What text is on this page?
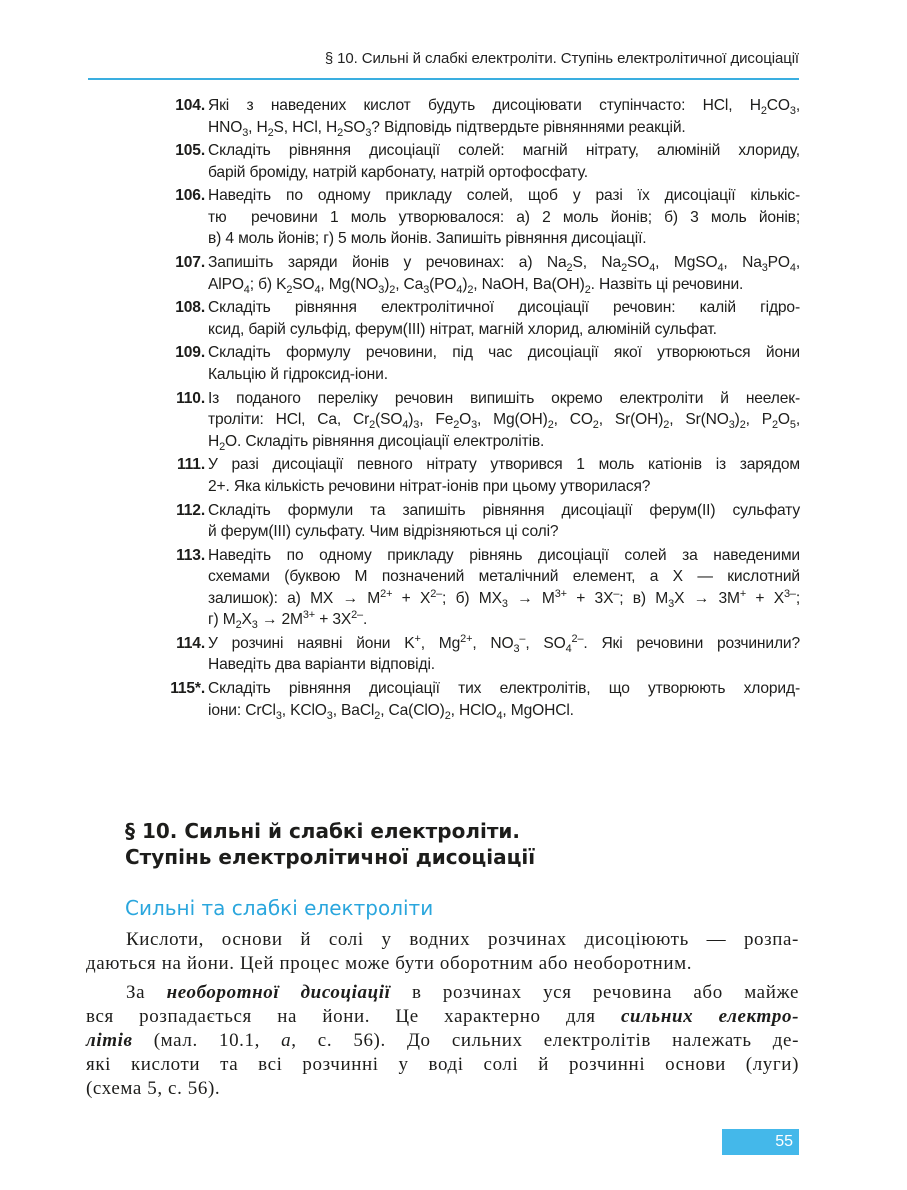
§ 10. Сильні й слабкі електроліти. Ступінь електролітичної дисоціації
104. Які з наведених кислот будуть дисоціювати ступінчасто: HCl, $H_2CO_3$,
$HNO_3$, $H_2S$, HCl, $H_2SO_3$? Відповідь підтвердьте рівняннями реакцій.
105. Складіть рівняння дисоціації солей: магній нітрату, алюміній хлориду,
барій броміду, натрій карбонату, натрій ортофосфату.
106. Наведіть по одному прикладу солей, щоб у разі їх дисоціації кількіс-
тю  речовини 1 моль утворювалося: а) 2 моль йонів; б) 3 моль йонів;
в) 4 моль йонів; г) 5 моль йонів. Запишіть рівняння дисоціації.
107. Запишіть заряди йонів у речовинах: а) $Na_2S$, $Na_2SO_4$, MgSO$_4$, $Na_3PO_4$,
AlPO$_4$; б) $K_2SO_4$, $Mg(NO_3)_2$, $Ca_3(PO_4)_2$, NaOH, $Ba(OH)_2$. Назвіть ці речовини.
108. Складіть рівняння електролітичної дисоціації речовин: калій гідро-
ксид, барій сульфід, ферум(III) нітрат, магній хлорид, алюміній сульфат.
109. Складіть формулу речовини, під час дисоціації якої утворюються йони
Кальцію й гідроксид-іони.
110. Із поданого переліку речовин випишіть окремо електроліти й неелек-
троліти: HCl, Ca, $Cr_2(SO_4)_3$, $Fe_2O_3$, $Mg(OH)_2$, $CO_2$, $Sr(OH)_2$, $Sr(NO_3)_2$, $P_2O_5$,
$H_2O$. Складіть рівняння дисоціації електролітів.
111. У разі дисоціації певного нітрату утворився 1 моль катіонів із зарядом
2+. Яка кількість речовини нітрат-іонів при цьому утворилася?
112. Складіть формули та запишіть рівняння дисоціації ферум(II) сульфату
й ферум(III) сульфату. Чим відрізняються ці солі?
113. Наведіть по одному прикладу рівнянь дисоціації солей за наведеними
схемами (буквою M позначений металічний елемент, а X — кислотний
залишок): а) MX → $M^{2+} + X^{2-}$; б) $MX_3 \to M^{3+} + 3X^-$; в) $M_3X \to 3M^+ + X^{3-}$;
г) $M_2X_3 \to 2M^{3+} + 3X^{2-}$.
114. У розчині наявні йони K+, $Mg^{2+}$, $NO_3^-$, $SO_4^{2-}$. Які речовини розчинили?
Наведіть два варіанти відповіді.
115*. Складіть рівняння дисоціації тих електролітів, що утворюють хлорид-
іони: CrCl$_3$, KClO$_3$, BaCl$_2$, $Ca(ClO)_2$, HClO$_4$, MgOHCl.
§ 10. Сильні й слабкі електроліти.
Ступінь електролітичної дисоціації
Сильні та слабкі електроліти
Кислоти, основи й солі у водних розчинах дисоціюють — розпа-
даються на йони. Цей процес може бути оборотним або необоротним.
За необоротної дисоціації в розчинах уся речовина або майже
вся розпадається на йони. Це характерно для сильних електро-
літів (мал. 10.1, а, с. 56). До сильних електролітів належать де-
які кислоти та всі розчинні у воді солі й розчинні основи (луги)
(схема 5, с. 56).
55
